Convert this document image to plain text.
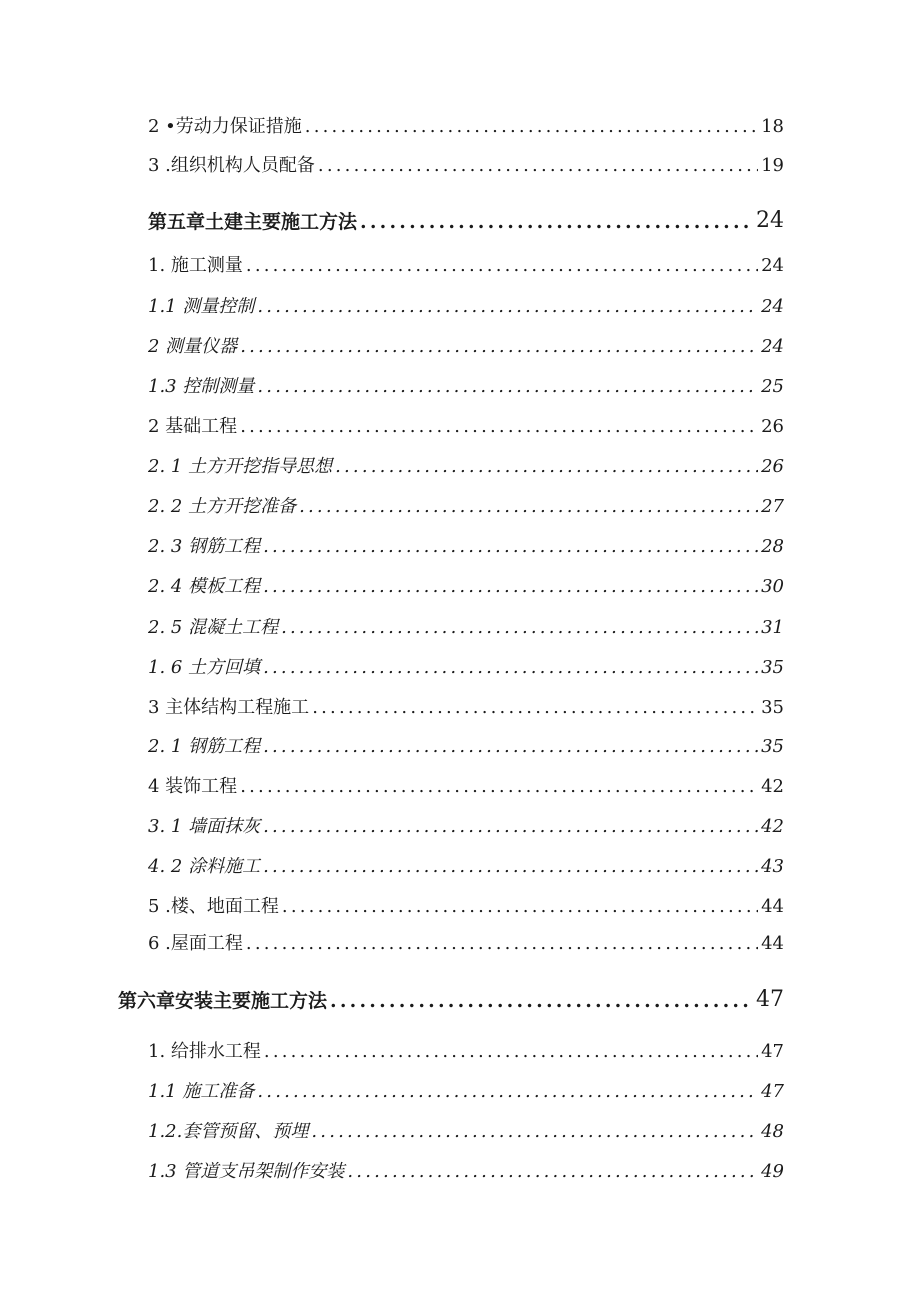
2 •劳动力保证措施 .....	18
3 .组织机构人员配备 .....	19
第五章土建主要施工方法 .....	24
1. 施工测量 .....	24
1.1 测量控制 .....	24
2 测量仪器 .....	24
1.3 控制测量 .....	25
2 基础工程 .....	26
2. 1 土方开挖指导思想 .....	26
2. 2 土方开挖准备 .....	27
2. 3 钢筋工程 .....	28
2. 4 模板工程 .....	30
2. 5 混凝土工程 .....	31
1. 6 土方回填 .....	35
3 主体结构工程施工 .....	35
2. 1 钢筋工程 .....	35
4 装饰工程 .....	42
3. 1 墙面抹灰 .....	42
4. 2 涂料施工 .....	43
5 .楼、地面工程 .....	44
6 .屋面工程 .....	44
第六章安装主要施工方法 .....	47
1. 给排水工程 .....	47
1.1 施工准备 .....	47
1.2.套管预留、预埋 .....	48
1.3 管道支吊架制作安装 .....	49
